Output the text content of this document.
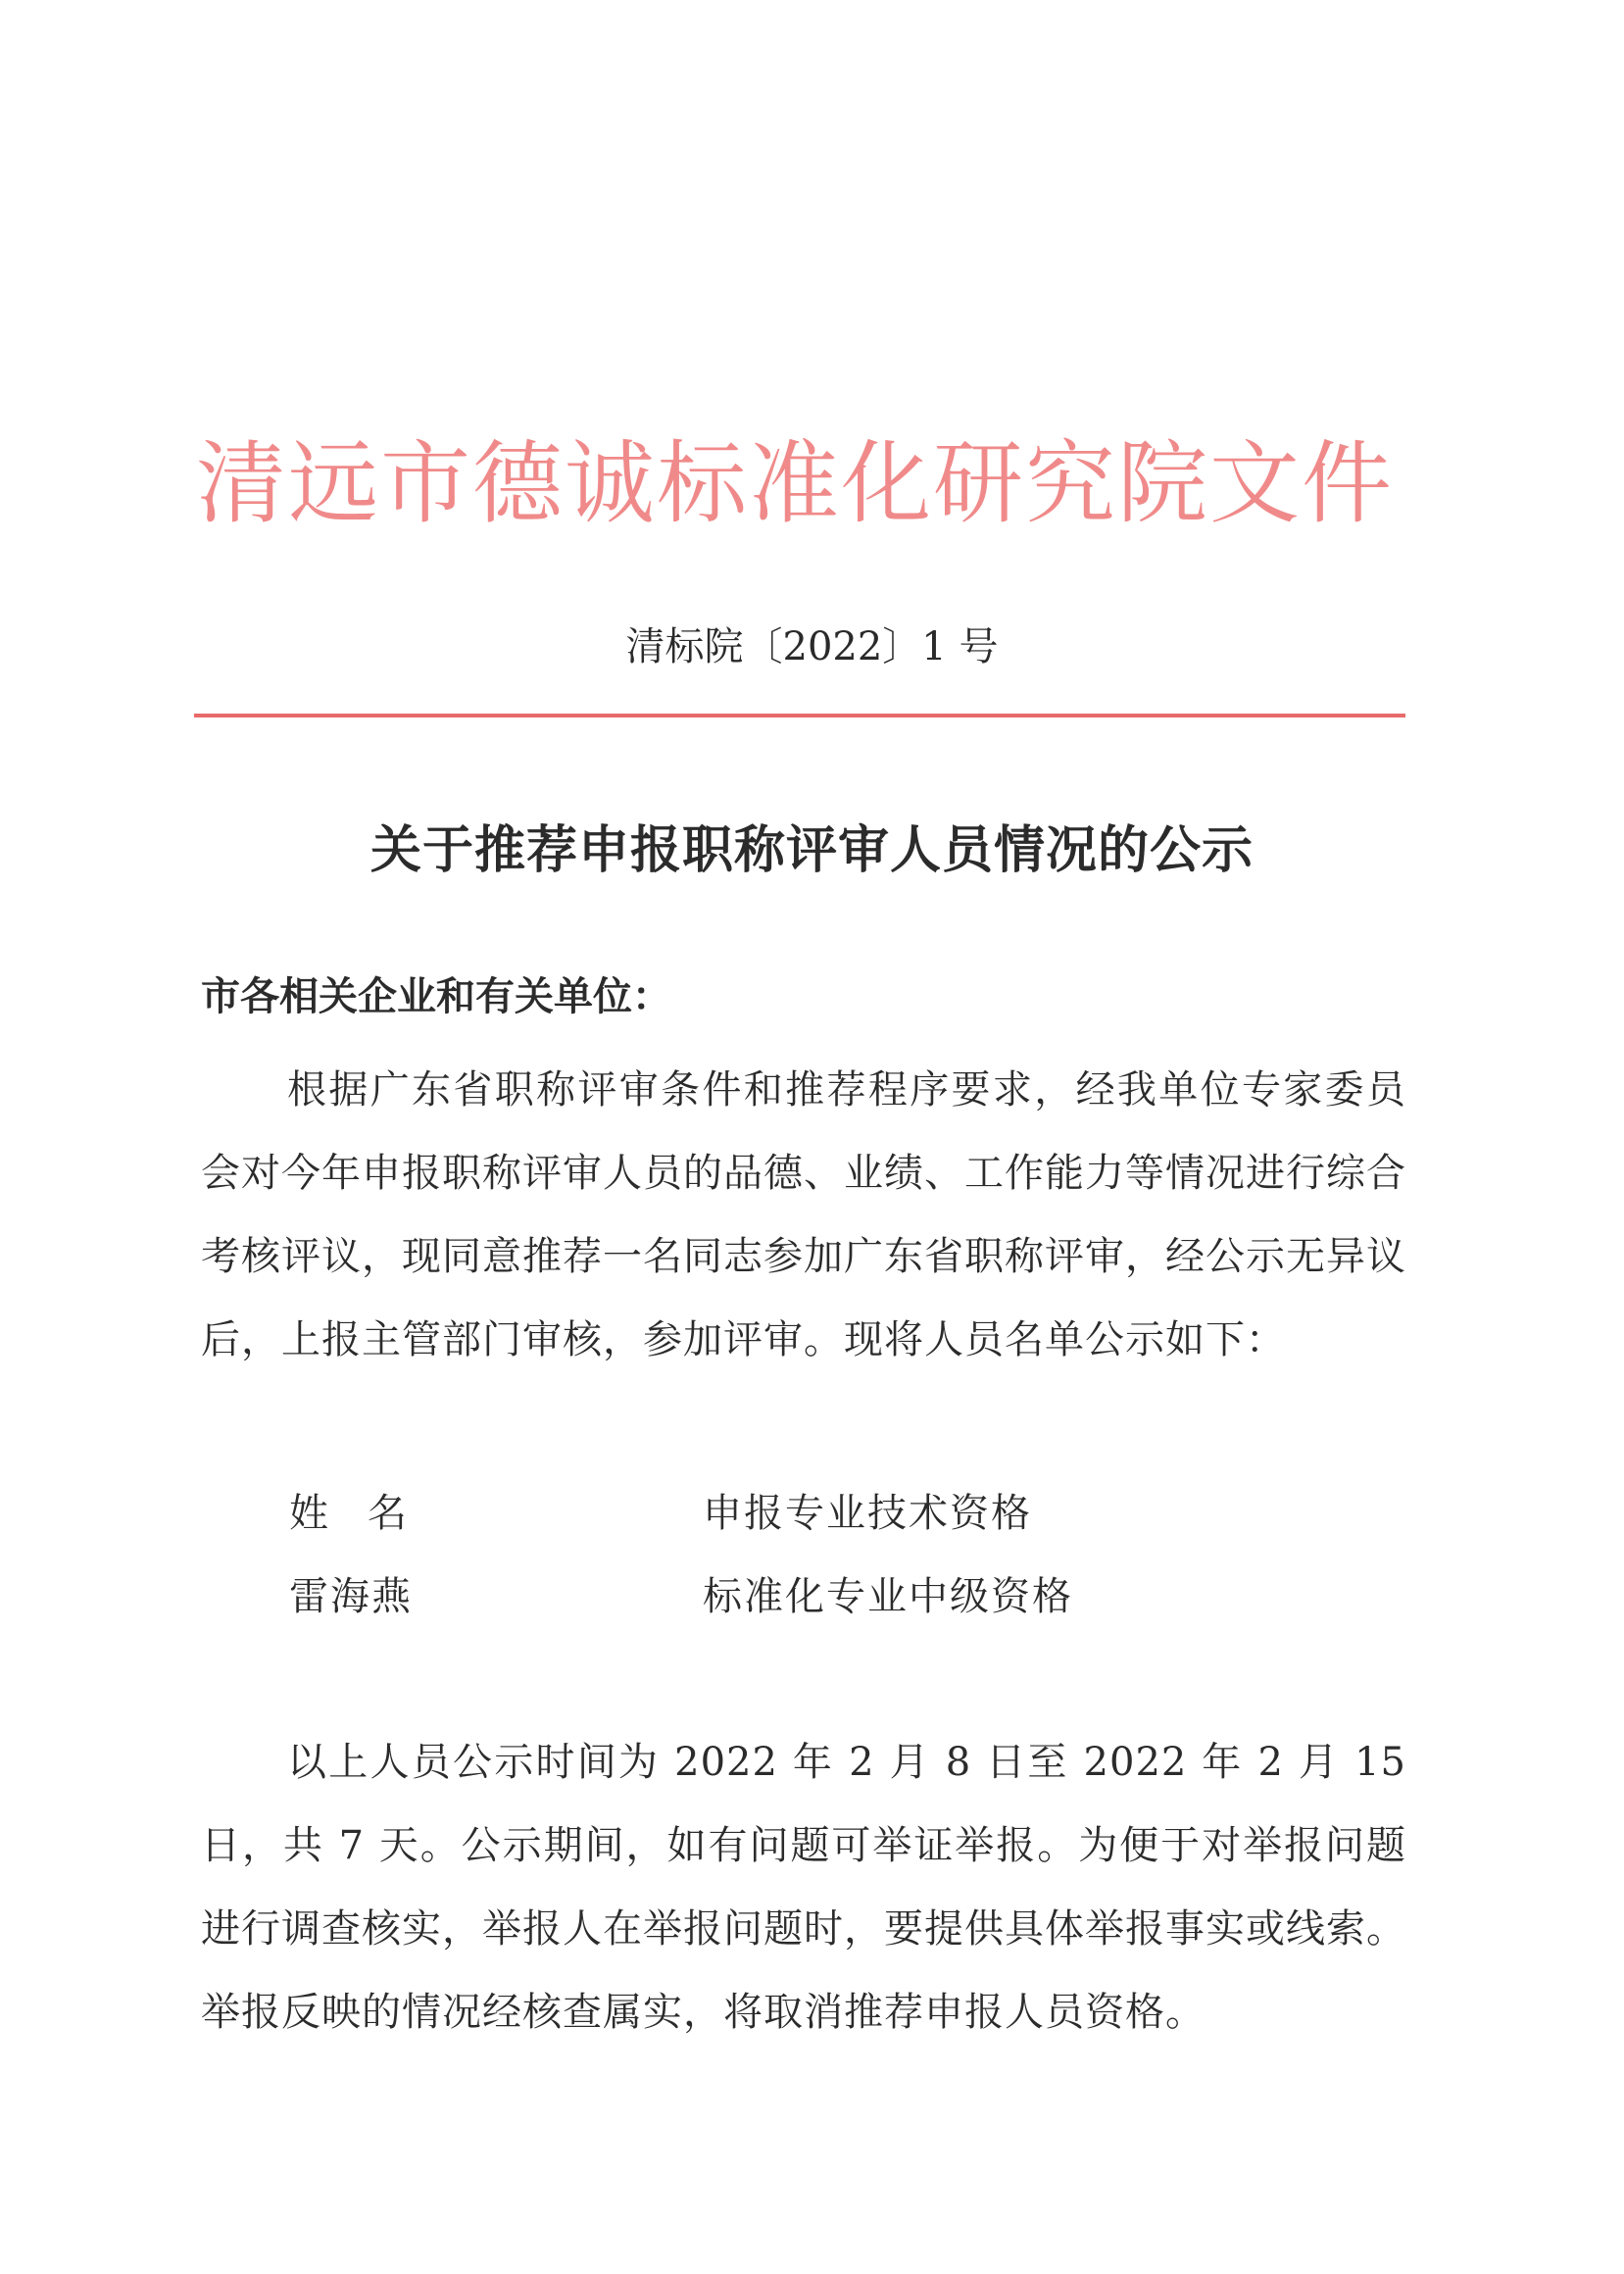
清远市德诚标准化研究院文件
清标院〔2022〕1 号
关于推荐申报职称评审人员情况的公示
市各相关企业和有关单位：
根据广东省职称评审条件和推荐程序要求，经我单位专家委员会对今年申报职称评审人员的品德、业绩、工作能力等情况进行综合考核评议，现同意推荐一名同志参加广东省职称评审，经公示无异议后，上报主管部门审核，参加评审。现将人员名单公示如下：
姓名	申报专业技术资格
雷海燕	标准化专业中级资格
以上人员公示时间为 2022 年 2 月 8 日至 2022 年 2 月 15 日，共 7 天。公示期间，如有问题可举证举报。为便于对举报问题进行调查核实，举报人在举报问题时，要提供具体举报事实或线索。举报反映的情况经核查属实，将取消推荐申报人员资格。
